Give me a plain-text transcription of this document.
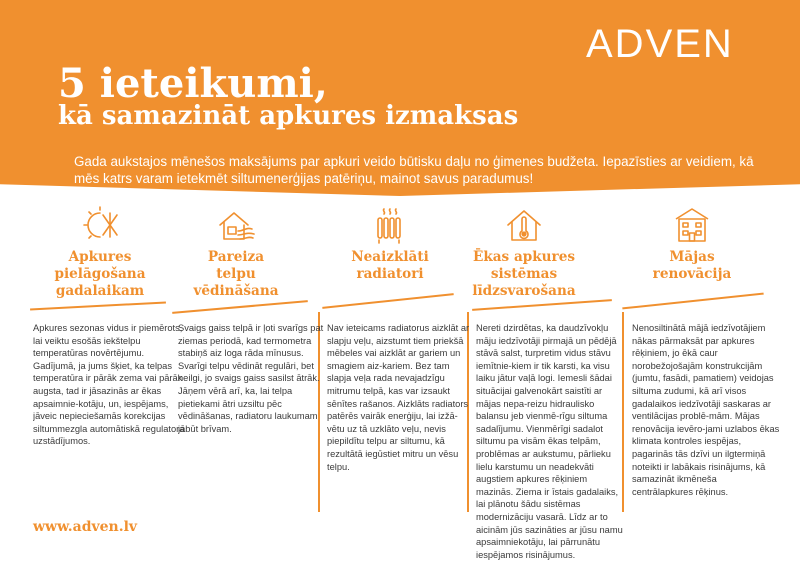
ADVEN
5 ieteikumi,
kā samazināt apkures izmaksas
Gada aukstajos mēnešos maksājums par apkuri veido būtisku daļu no ģimenes budžeta. Iepazīsties ar veidiem, kā mēs katrs varam ietekmēt siltumenerģijas patēriņu, mainot savus paradumus!
Apkures
pielāgošana
gadalaikam
Pareiza
telpu
vēdināšana
Neaizklāti
radiatori
Ēkas apkures
sistēmas
līdzsvarošana
Mājas
renovācija
Apkures sezonas vidus ir piemērots, lai veiktu esošās iekštelpu temperatūras novērtējumu. Gadījumā, ja jums šķiet, ka telpas temperatūra ir pārāk zema vai pārāk augsta, tad ir jāsazinās ar ēkas apsaimnie-kotāju, un, iespējams, jāveic nepieciešamās korekcijas siltummezgla automātiskā regulatora uzstādījumos.
Svaigs gaiss telpā ir ļoti svarīgs pat ziemas periodā, kad termometra stabiņš aiz loga rāda mīnusus. Svarīgi telpu vēdināt regulāri, bet neilgi, jo svaigs gaiss sasilst ātrāk. Jāņem vērā arī, ka, lai telpa pietiekami ātri uzsiltu pēc vēdināšanas, radiatoru laukumam jābūt brīvam.
Nav ieteicams radiatorus aizklāt ar slapju veļu, aizstumt tiem priekšā mēbeles vai aizklāt ar gariem un smagiem aiz-kariem. Bez tam slapja veļa rada nevajadzīgu mitrumu telpā, kas var izsaukt sēnītes rašanos. Aizklāts radiators patērēs vairāk enerģiju, lai izžā-vētu uz tā uzklāto veļu, nevis piepildītu telpu ar siltumu, kā rezultātā iegūstiet mitru un vēsu telpu.
Nereti dzirdētas, ka daudzīvokļu māju iedzīvotāji pirmajā un pēdējā stāvā salst, turpretim vidus stāvu iemītnie-kiem ir tik karsti, ka visu laiku jātur vaļā logi. Iemesli šādai situācijai galvenokārt saistīti ar mājas nepa-reizu hidraulisko balansu jeb vienmē-rīgu siltuma sadalījumu. Vienmērīgi sadalot siltumu pa visām ēkas telpām, problēmas ar aukstumu, pārlieku lielu karstumu un neadekvāti augstiem apkures rēķiniem mazinās. Ziema ir īstais gadalaiks, lai plānotu šādu sistēmas modernizāciju vasarā. Līdz ar to aicinām jūs sazināties ar jūsu namu apsaimniekotāju, lai pārrunātu iespējamos risinājumus.
Nenosiltinātā mājā iedzīvotājiem nākas pārmaksāt par apkures rēķiniem, jo ēkā caur norobežojošajām konstrukcijām (jumtu, fasādi, pamatiem) veidojas siltuma zudumi, kā arī visos gadalaikos iedzīvotāji saskaras ar ventilācijas problē-mām. Mājas renovācija ievēro-jami uzlabos ēkas klimata kontroles iespējas, pagarinās tās dzīvi un ilgtermiņā noteikti ir labākais risinājums, kā samazināt ikmēneša centrālapkures rēķinus.
www.adven.lv
